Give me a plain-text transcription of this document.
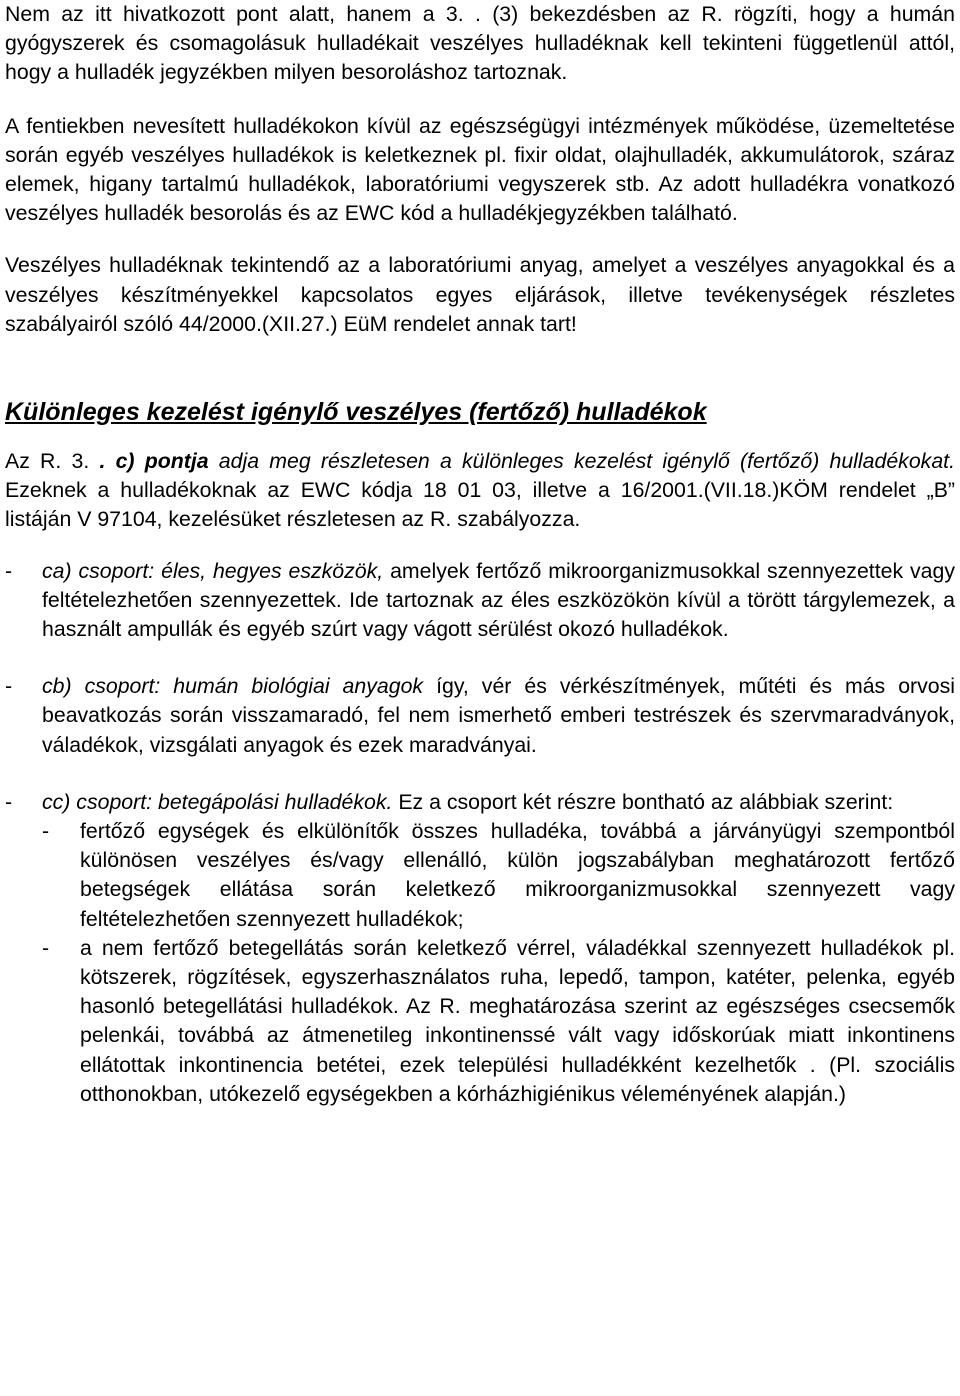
Nem az itt hivatkozott pont alatt, hanem a 3. . (3) bekezdésben az R. rögzíti, hogy a humán gyógyszerek és csomagolásuk hulladékait veszélyes hulladéknak kell tekinteni függetlenül attól, hogy a hulladék jegyzékben milyen besoroláshoz tartoznak.

A fentiekben nevesített hulladékokon kívül az egészségügyi intézmények működése, üzemeltetése során egyéb veszélyes hulladékok is keletkeznek pl. fixir oldat, olajhulladék, akkumulátorok, száraz elemek, higany tartalmú hulladékok, laboratóriumi vegyszerek stb. Az adott hulladékra vonatkozó veszélyes hulladék besorolás és az EWC kód a hulladékjegyzékben található.

Veszélyes hulladéknak tekintendő az a laboratóriumi anyag, amelyet a veszélyes anyagokkal és a veszélyes készítményekkel kapcsolatos egyes eljárások, illetve tevékenységek részletes szabályairól szóló 44/2000.(XII.27.) EüM rendelet annak tart!

Különleges kezelést igénylő veszélyes (fertőző) hulladékok

Az R. 3. . c) pontja adja meg részletesen a különleges kezelést igénylő (fertőző) hulladékokat. Ezeknek a hulladékoknak az EWC kódja 18 01 03, illetve a 16/2001.(VII.18.)KÖM rendelet „B” listáján V 97104, kezelésüket részletesen az R. szabályozza.

- ca) csoport: éles, hegyes eszközök, amelyek fertőző mikroorganizmusokkal szennyezettek vagy feltételezhetően szennyezettek. Ide tartoznak az éles eszközökön kívül a törött tárgylemezek, a használt ampullák és egyéb szúrt vagy vágott sérülést okozó hulladékok.

- cb) csoport: humán biológiai anyagok így, vér és vérkészítmények, műtéti és más orvosi beavatkozás során visszamaradó, fel nem ismerhető emberi testrészek és szervmaradványok, váladékok, vizsgálati anyagok és ezek maradványai.

- cc) csoport: betegápolási hulladékok. Ez a csoport két részre bontható az alábbiak szerint:

- fertőző egységek és elkülönítők összes hulladéka, továbbá a járványügyi szempontból különösen veszélyes és/vagy ellenálló, külön jogszabályban meghatározott fertőző betegségek ellátása során keletkező mikroorganizmusokkal szennyezett vagy feltételezhetően szennyezett hulladékok;

- a nem fertőző betegellátás során keletkező vérrel, váladékkal szennyezett hulladékok pl. kötszerek, rögzítések, egyszerhasználatos ruha, lepedő, tampon, katéter, pelenka, egyéb hasonló betegellátási hulladékok. Az R. meghatározása szerint az egészséges csecsemők pelenkái, továbbá az átmenetileg inkontinenssé vált vagy időskorúak miatt inkontinens ellátottak inkontinencia betétei, ezek települési hulladékként kezelhetők . (Pl. szociális otthonokban, utókezelő egységekben a kórházhigiénikus véleményének alapján.)
